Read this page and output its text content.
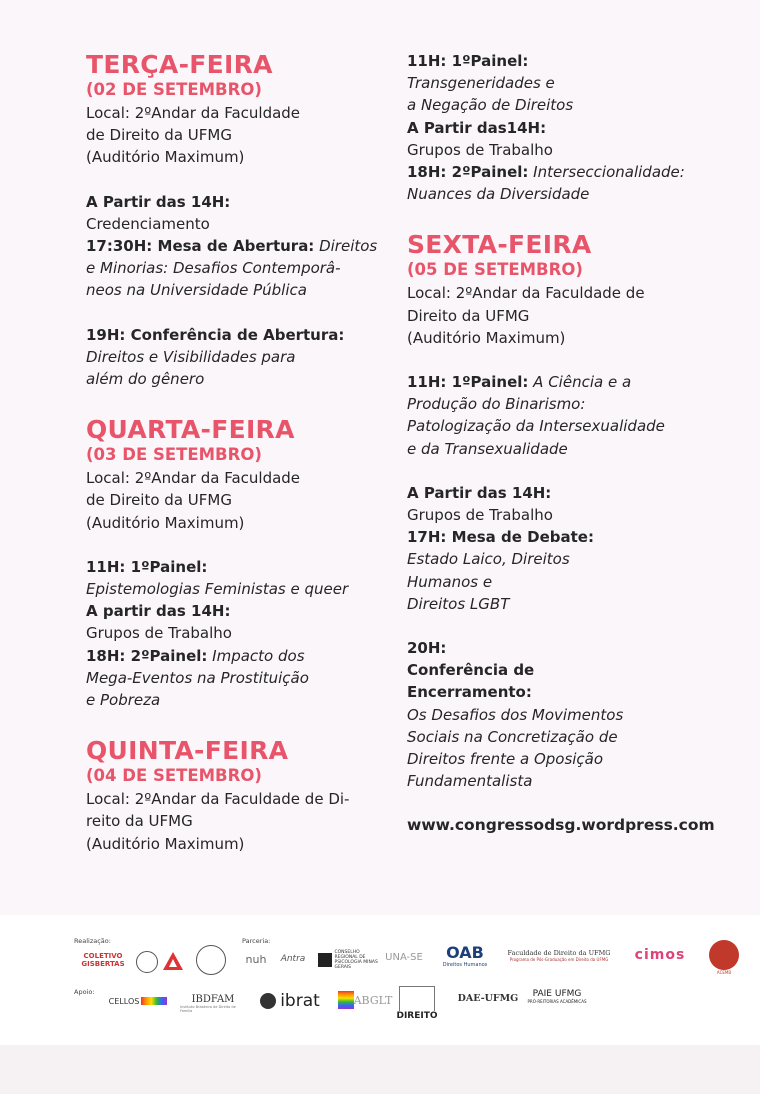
TERÇA-FEIRA
(02 DE SETEMBRO)
Local: 2ºAndar da Faculdade
de Direito da UFMG
(Auditório Maximum)
A Partir das 14H:
Credenciamento
17:30H: Mesa de Abertura: Direitos
e Minorias: Desafios Contemporâ-
neos na Universidade Pública
19H: Conferência de Abertura:
Direitos e Visibilidades para
além do gênero
QUARTA-FEIRA
(03 DE SETEMBRO)
Local: 2ºAndar da Faculdade
de Direito da UFMG
(Auditório Maximum)
11H: 1ºPainel:
Epistemologias Feministas e queer
A partir das 14H:
Grupos de Trabalho
18H: 2ºPainel: Impacto dos
Mega-Eventos na Prostituição
e Pobreza
QUINTA-FEIRA
(04 DE SETEMBRO)
Local: 2ºAndar da Faculdade de Di-
reito da UFMG
(Auditório Maximum)
11H: 1ºPainel:
Transgeneridades e
a Negação de Direitos
A Partir das14H:
Grupos de Trabalho
18H: 2ºPainel: Interseccionalidade:
Nuances da Diversidade
SEXTA-FEIRA
(05 DE SETEMBRO)
Local: 2ºAndar da Faculdade de
Direito da UFMG
(Auditório Maximum)
11H: 1ºPainel: A Ciência e a
Produção do Binarismo:
Patologização da Intersexualidade
e da Transexualidade
A Partir das 14H:
Grupos de Trabalho
17H: Mesa de Debate:
Estado Laico, Direitos
Humanos e
Direitos LGBT
20H:
Conferência de
Encerramento:
Os Desafios dos Movimentos
Sociais na Concretização de
Direitos frente a Oposição
Fundamentalista
www.congressodsg.wordpress.com
Realização:	Parceria:
Apoio:
COLETIVO GISBERTAS	nuh Antra
CONSELHO REGIONAL DE PSICOLOGIA MINAS GERAIS
UNA-SE OAB
Direitos Humanos
Faculdade de Direito da UFMG
Programa de Pós-Graduação em Direito da UFMG cimos
ACEMB
CELLOS	IBDFAM
Instituto Brasileiro de Direito de Família	ibrat	ABGLT
DIREITO
DAE-UFMG PAIE UFMG
PRÓ-REITORIAS ACADÊMICAS
